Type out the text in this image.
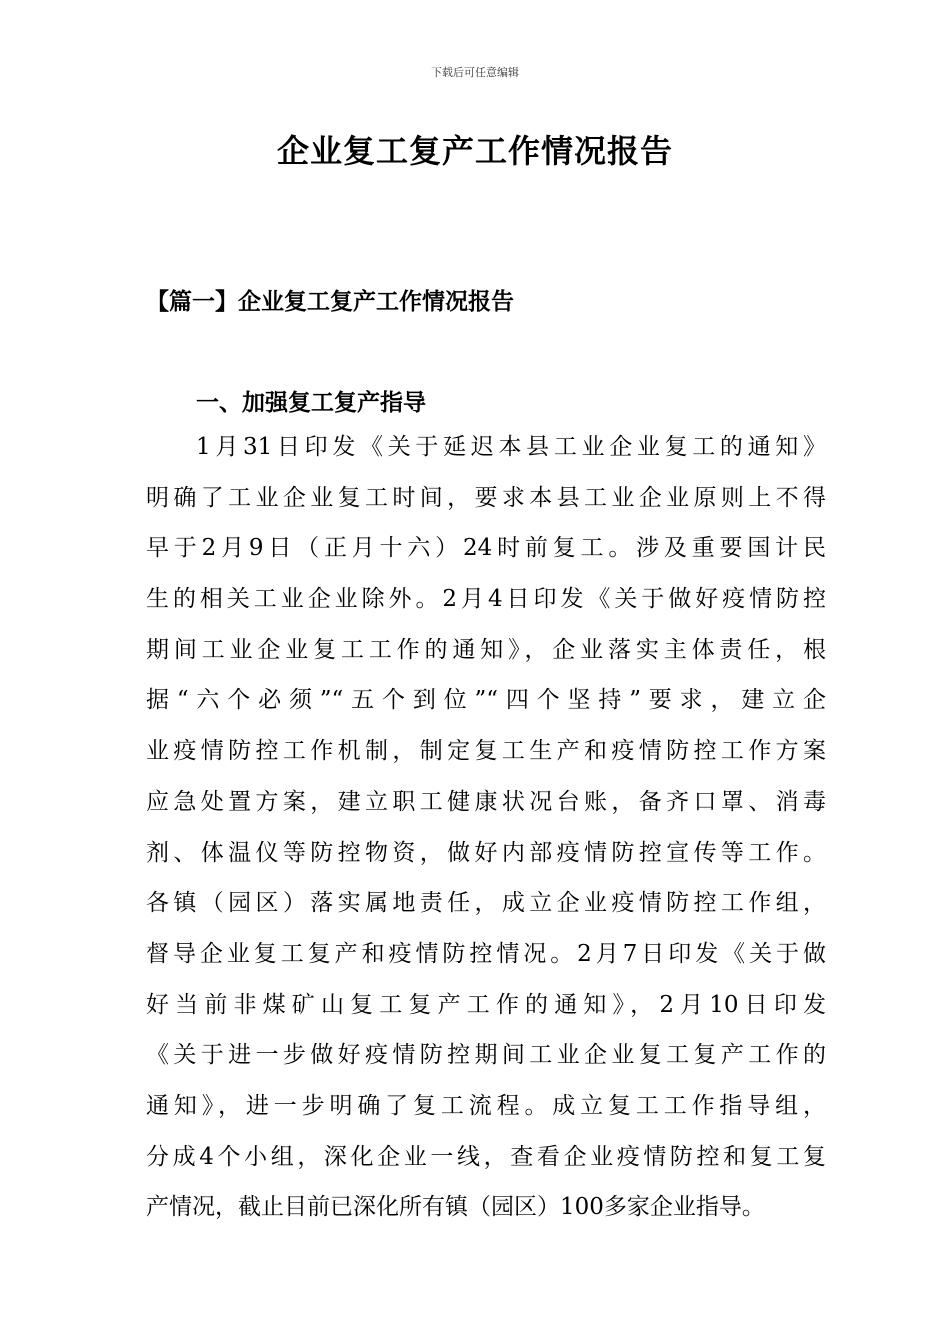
下载后可任意编辑
企业复工复产工作情况报告
【篇一】企业复工复产工作情况报告
一、加强复工复产指导
1月31日印发《关于延迟本县工业企业复工的通知》
明确了工业企业复工时间，要求本县工业企业原则上不得
早于2月9日（正月十六）24时前复工。涉及重要国计民
生的相关工业企业除外。2月4日印发《关于做好疫情防控
期间工业企业复工工作的通知》，企业落实主体责任，根
据“六个必须”“五个到位”“四个坚持”要求，建立企
业疫情防控工作机制，制定复工生产和疫情防控工作方案
应急处置方案，建立职工健康状况台账，备齐口罩、消毒
剂、体温仪等防控物资，做好内部疫情防控宣传等工作。
各镇（园区）落实属地责任，成立企业疫情防控工作组，
督导企业复工复产和疫情防控情况。2月7日印发《关于做
好当前非煤矿山复工复产工作的通知》，2月10日印发
《关于进一步做好疫情防控期间工业企业复工复产工作的
通知》，进一步明确了复工流程。成立复工工作指导组，
分成4个小组，深化企业一线，查看企业疫情防控和复工复
产情况，截止目前已深化所有镇（园区）100多家企业指导。
